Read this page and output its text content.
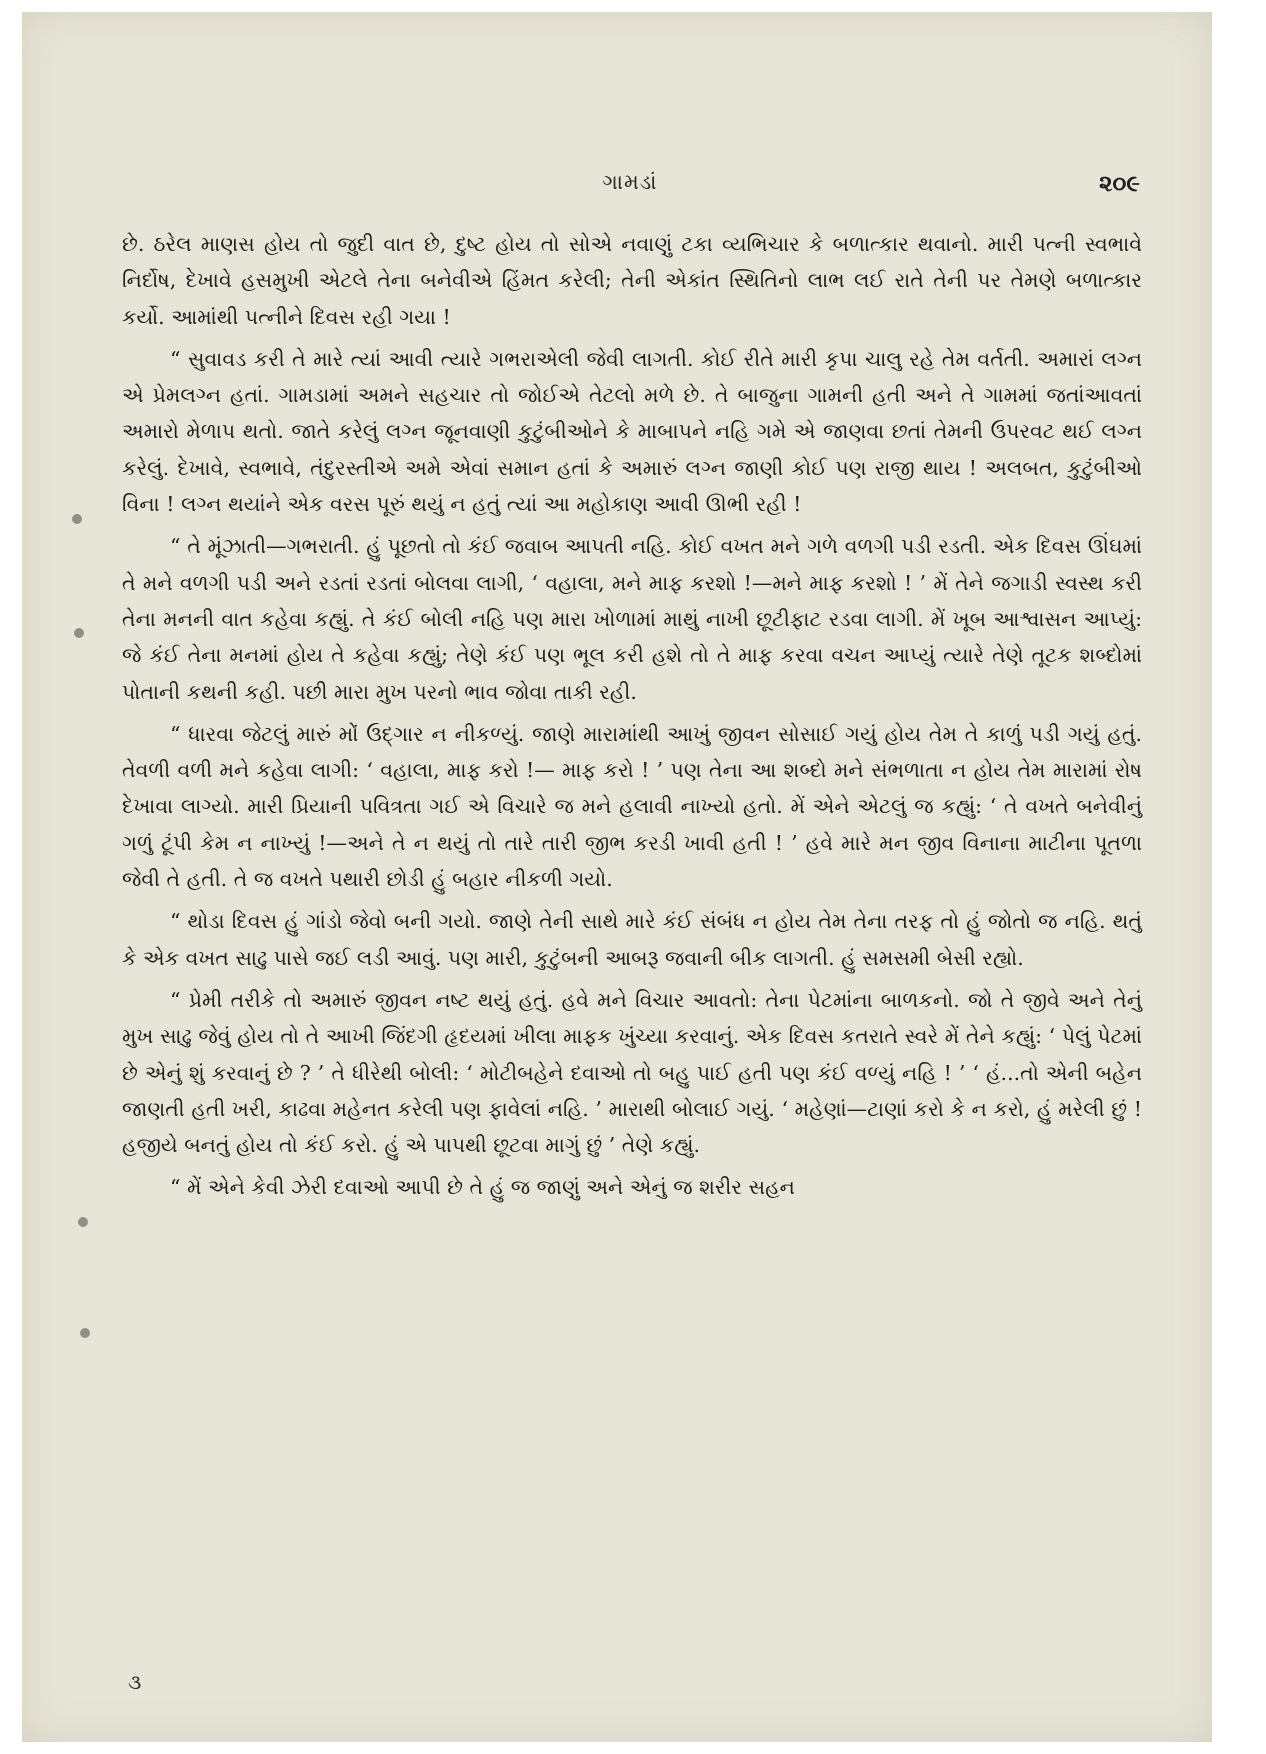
ગામડાં	૨૦૯

છે. ઠરેલ માણસ હોય તો જુદી વાત છે, દુષ્ટ હોય તો સોએ નવાણું ટકા વ્યભિચાર કે બળાત્કાર થવાનો. મારી પત્ની સ્વભાવે નિર્દોષ, દેખાવે હસમુખી એટલે તેના બનેવીએ હિંમત કરેલી; તેની એકાંત સ્થિતિનો લાભ લઈ રાતે તેની પર તેમણે બળાત્કાર કર્યો. આમાંથી પત્નીને દિવસ રહી ગયા !

“ સુવાવડ કરી તે મારે ત્યાં આવી ત્યારે ગભરાએલી જેવી લાગતી. કોઈ રીતે મારી કૃપા ચાલુ રહે તેમ વર્તતી. અમારાં લગ્ન એ પ્રેમલગ્ન હતાં. ગામડામાં અમને સહચાર તો જોઈએ તેટલો મળે છે. તે બાજુના ગામની હતી અને તે ગામમાં જતાંઆવતાં અમારો મેળાપ થતો. જાતે કરેલું લગ્ન જૂનવાણી કુટુંબીઓને કે માબાપને નહિ ગમે એ જાણવા છતાં તેમની ઉપરવટ થઈ લગ્ન કરેલું. દેખાવે, સ્વભાવે, તંદુરસ્તીએ અમે એવાં સમાન હતાં કે અમારું લગ્ન જાણી કોઈ પણ રાજી થાય ! અલબત, કુટુંબીઓ વિના ! લગ્ન થયાંને એક વરસ પૂરું થયું ન હતું ત્યાં આ મહોકાણ આવી ઊભી રહી !

“ તે મૂંઝાતી—ગભરાતી. હું પૂછતો તો કંઈ જવાબ આપતી નહિ. કોઈ વખત મને ગળે વળગી પડી રડતી. એક દિવસ ઊંઘમાં તે મને વળગી પડી અને રડતાં રડતાં બોલવા લાગી, ‘ વહાલા, મને માફ કરશો !—મને માફ કરશો ! ’ મેં તેને જગાડી સ્વસ્થ કરી તેના મનની વાત કહેવા કહ્યું. તે કંઈ બોલી નહિ પણ મારા ખોળામાં માથું નાખી છૂટીફાટ રડવા લાગી. મેં ખૂબ આશ્વાસન આપ્યું: જે કંઈ તેના મનમાં હોય તે કહેવા કહ્યું; તેણે કંઈ પણ ભૂલ કરી હશે તો તે માફ કરવા વચન આપ્યું ત્યારે તેણે તૂટક શબ્દોમાં પોતાની કથની કહી. પછી મારા મુખ પરનો ભાવ જોવા તાકી રહી.

“ ધારવા જેટલું મારું મોં ઉદ્ગાર ન નીકળ્યું. જાણે મારામાંથી આખું જીવન સોસાઈ ગયું હોય તેમ તે કાળું પડી ગયું હતું. તેવળી વળી મને કહેવા લાગી: ‘ વહાલા, માફ કરો !— માફ કરો ! ’ પણ તેના આ શબ્દો મને સંભળાતા ન હોય તેમ મારામાં રોષ દેખાવા લાગ્યો. મારી પ્રિયાની પવિત્રતા ગઈ એ વિચારે જ મને હલાવી નાખ્યો હતો. મેં એને એટલું જ કહ્યું: ‘ તે વખતે બનેવીનું ગળું ટૂંપી કેમ ન નાખ્યું !—અને તે ન થયું તો તારે તારી જીભ કરડી ખાવી હતી ! ’ હવે મારે મન જીવ વિનાના માટીના પૂતળા જેવી તે હતી. તે જ વખતે પથારી છોડી હું બહાર નીકળી ગયો.

“ થોડા દિવસ હું ગાંડો જેવો બની ગયો. જાણે તેની સાથે મારે કંઈ સંબંધ ન હોય તેમ તેના તરફ તો હું જોતો જ નહિ. થતું કે એક વખત સાઢુ પાસે જઈ લડી આવું. પણ મારી, કુટુંબની આબરૂ જવાની બીક લાગતી. હું સમસમી બેસી રહ્યો.

“ પ્રેમી તરીકે તો અમારું જીવન નષ્ટ થયું હતું. હવે મને વિચાર આવતો: તેના પેટમાંના બાળકનો. જો તે જીવે અને તેનું મુખ સાઢુ જેવું હોય તો તે આખી જિંદગી હૃદયમાં ખીલા માફક ખુંચ્યા કરવાનું. એક દિવસ કતરાતે સ્વરે મેં તેને કહ્યું: ‘ પેલું પેટમાં છે એનું શું કરવાનું છે ? ’ તે ધીરેથી બોલી: ‘ મોટીબહેને દવાઓ તો બહુ પાઈ હતી પણ કંઈ વળ્યું નહિ ! ’ ‘ હં...તો એની બહેન જાણતી હતી ખરી, કાઢવા મહેનત કરેલી પણ ફાવેલાં નહિ. ’ મારાથી બોલાઈ ગયું. ‘ મહેણાં—ટાણાં કરો કે ન કરો, હું મરેલી છું ! હજીયે બનતું હોય તો કંઈ કરો. હું એ પાપથી છૂટવા માગું છું ’ તેણે કહ્યું.

“ મેં એને કેવી ઝેરી દવાઓ આપી છે તે હું જ જાણું અને એનું જ શરીર સહન

૩
